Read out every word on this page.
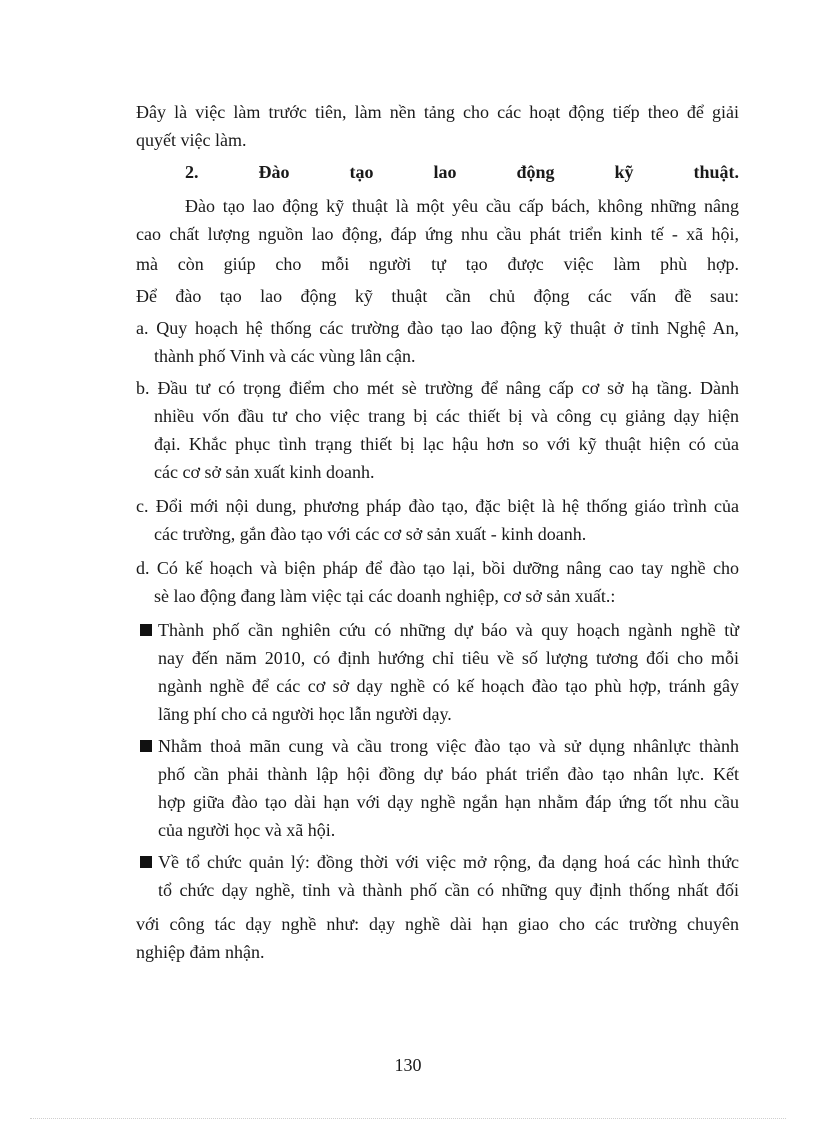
Đây là việc làm trước tiên, làm nền tảng cho các hoạt động tiếp theo để giải
quyết việc làm.
2. Đào tạo lao động kỹ thuật.
Đào tạo lao động kỹ thuật là một yêu cầu cấp bách, không những nâng
cao chất lượng nguồn lao động, đáp ứng nhu cầu phát triển kinh tế - xã hội,
mà còn giúp cho mỗi người tự tạo được việc làm phù hợp.
Để đào tạo lao động kỹ thuật cần chủ động các vấn đề sau:
a. Quy hoạch hệ thống các trường đào tạo lao động kỹ thuật ở tỉnh Nghệ An,
thành phố Vinh và các vùng lân cận.
b. Đầu tư có trọng điểm cho mét sè trường để nâng cấp cơ sở hạ tầng. Dành
nhiều vốn đầu tư cho việc trang bị các thiết bị và công cụ giảng dạy hiện
đại. Khắc phục tình trạng thiết bị lạc hậu hơn so với kỹ thuật hiện có của
các cơ sở sản xuất kinh doanh.
c. Đổi mới nội dung, phương pháp đào tạo, đặc biệt là hệ thống giáo trình của
các trường, gắn đào tạo với các cơ sở sản xuất - kinh doanh.
d. Có kế hoạch và biện pháp để đào tạo lại, bồi dưỡng nâng cao tay nghề cho
sè lao động đang làm việc tại các doanh nghiệp, cơ sở sản xuất.:
Thành phố cần nghiên cứu có những dự báo và quy hoạch ngành nghề từ
nay đến năm 2010, có định hướng chỉ tiêu về số lượng tương đối cho mỗi
ngành nghề để các cơ sở dạy nghề có kế hoạch đào tạo phù hợp, tránh gây
lãng phí cho cả người học lẫn người dạy.
Nhằm thoả mãn cung và cầu trong việc đào tạo và sử dụng nhânlực thành
phố cần phải thành lập hội đồng dự báo phát triển đào tạo nhân lực. Kết
hợp giữa đào tạo dài hạn với dạy nghề ngắn hạn nhằm đáp ứng tốt nhu cầu
của người học và xã hội.
Về tổ chức quản lý: đồng thời với việc mở rộng, đa dạng hoá các hình thức
tổ chức dạy nghề, tỉnh và thành phố cần có những quy định thống nhất đối
với công tác dạy nghề như: dạy nghề dài hạn giao cho các trường chuyên
nghiệp đảm nhận.
130
